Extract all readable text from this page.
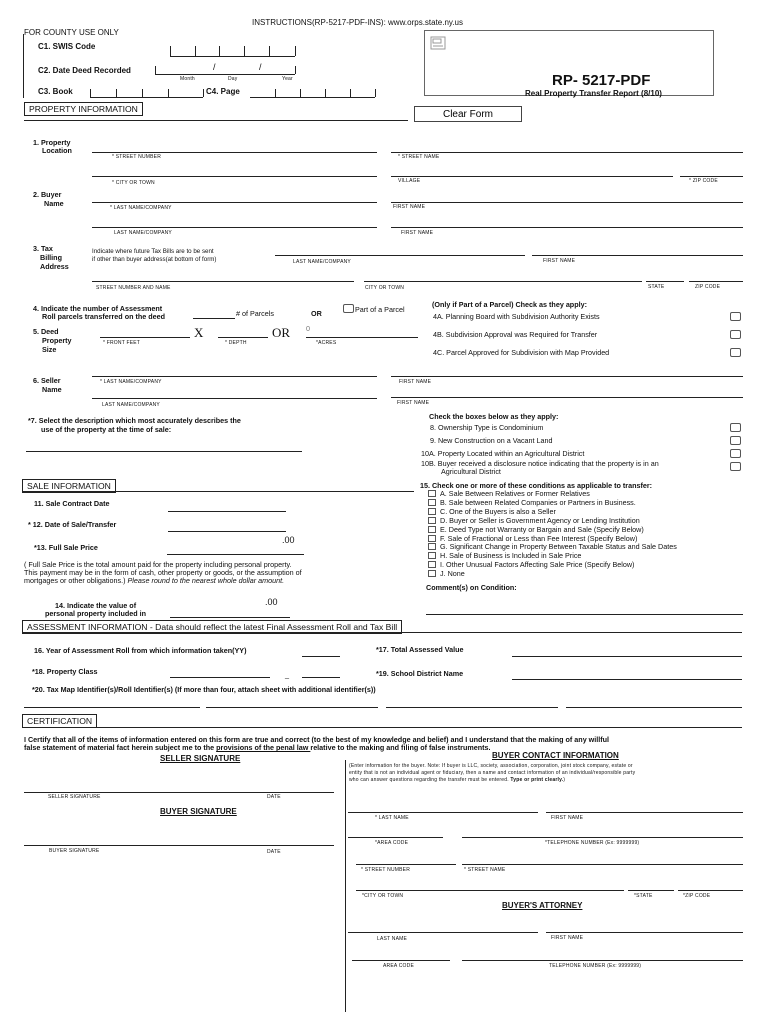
INSTRUCTIONS(RP-5217-PDF-INS): www.orps.state.ny.us
FOR COUNTY USE ONLY
C1. SWIS Code
C2. Date Deed Recorded	/	/
Month	Day	Year
C3. Book	C4. Page
RP- 5217-PDF
Real Property Transfer Report (8/10)
PROPERTY INFORMATION	Clear Form
1. Property
Location
* STREET NUMBER	* STREET NAME
* CITY OR TOWN	VILLAGE	* ZIP CODE
2. Buyer
Name	* LAST NAME/COMPANY	FIRST NAME
LAST NAME/COMPANY	FIRST NAME
3. Tax
Billing
Address
Indicate where future Tax Bills are to be sent
if other than buyer address(at bottom of form)	LAST NAME/COMPANY	FIRST NAME
STREET NUMBER AND NAME	CITY OR TOWN	STATE	ZIP CODE
4. Indicate the number of Assessment
Roll parcels transferred on the deed	# of Parcels	OR	Part of a Parcel
(Only if Part of a Parcel) Check as they apply:
4A. Planning Board with Subdivision Authority Exists
5. Deed
Property
Size
* FRONT FEET
X
* DEPTH
OR 0
*ACRES
4B. Subdivision Approval was Required for Transfer
4C. Parcel Approved for Subdivision with Map Provided
6. Seller
Name
* LAST NAME/COMPANY	FIRST NAME
LAST NAME/COMPANY	FIRST NAME
*7. Select the description which most accurately describes the
use of the property at the time of sale:
Check the boxes below as they apply:
8. Ownership Type is Condominium
9. New Construction on a Vacant Land
10A. Property Located within an Agricultural District
10B. Buyer received a disclosure notice indicating that the property is in an
Agricultural District
SALE INFORMATION
11. Sale Contract Date
* 12. Date of Sale/Transfer
.00
*13. Full Sale Price
( Full Sale Price is the total amount paid for the property including personal property.
This payment may be in the form of cash, other property or goods, or the assumption of
mortgages or other obligations.) Please round to the nearest whole dollar amount.
.00
14. Indicate the value of
personal property included in
15. Check one or more of these conditions as applicable to transfer:
A. Sale Between Relatives or Former Relatives
B. Sale between Related Companies or Partners in Business.
C. One of the Buyers is also a Seller
D. Buyer or Seller is Government Agency or Lending Institution
E. Deed Type not Warranty or Bargain and Sale (Specify Below)
F. Sale of Fractional or Less than Fee Interest (Specify Below)
G. Significant Change in Property Between Taxable Status and Sale Dates
H. Sale of Business is Included in Sale Price
I. Other Unusual Factors Affecting Sale Price (Specify Below)
J. None
Comment(s) on Condition:
ASSESSMENT INFORMATION - Data should reflect the latest Final Assessment Roll and Tax Bill
16. Year of Assessment Roll from which information taken(YY)	*17. Total Assessed Value
*18. Property Class	_	*19. School District Name
*20. Tax Map Identifier(s)/Roll Identifier(s) (If more than four, attach sheet with additional identifier(s))
CERTIFICATION
I Certify that all of the items of information entered on this form are true and correct (to the best of my knowledge and belief) and I understand that the making of any willful
false statement of material fact herein subject me to the provisions of the penal law relative to the making and filing of false instruments.
SELLER SIGNATURE
SELLER SIGNATURE	DATE
BUYER SIGNATURE
BUYER SIGNATURE	DATE
BUYER CONTACT INFORMATION
(Enter information for the buyer. Note: If buyer is LLC, society, association, corporation, joint stock company, estate or
entity that is not an individual agent or fiduciary, then a name and contact information of an individual/responsible party
who can answer questions regarding the transfer must be entered. Type or print clearly.)
* LAST NAME	FIRST NAME
*AREA CODE	*TELEPHONE NUMBER (Ex: 9999999)
* STREET NUMBER	* STREET NAME
*CITY OR TOWN	*STATE	*ZIP CODE
BUYER'S ATTORNEY
LAST NAME	FIRST NAME
AREA CODE	TELEPHONE NUMBER (Ex: 9999999)
